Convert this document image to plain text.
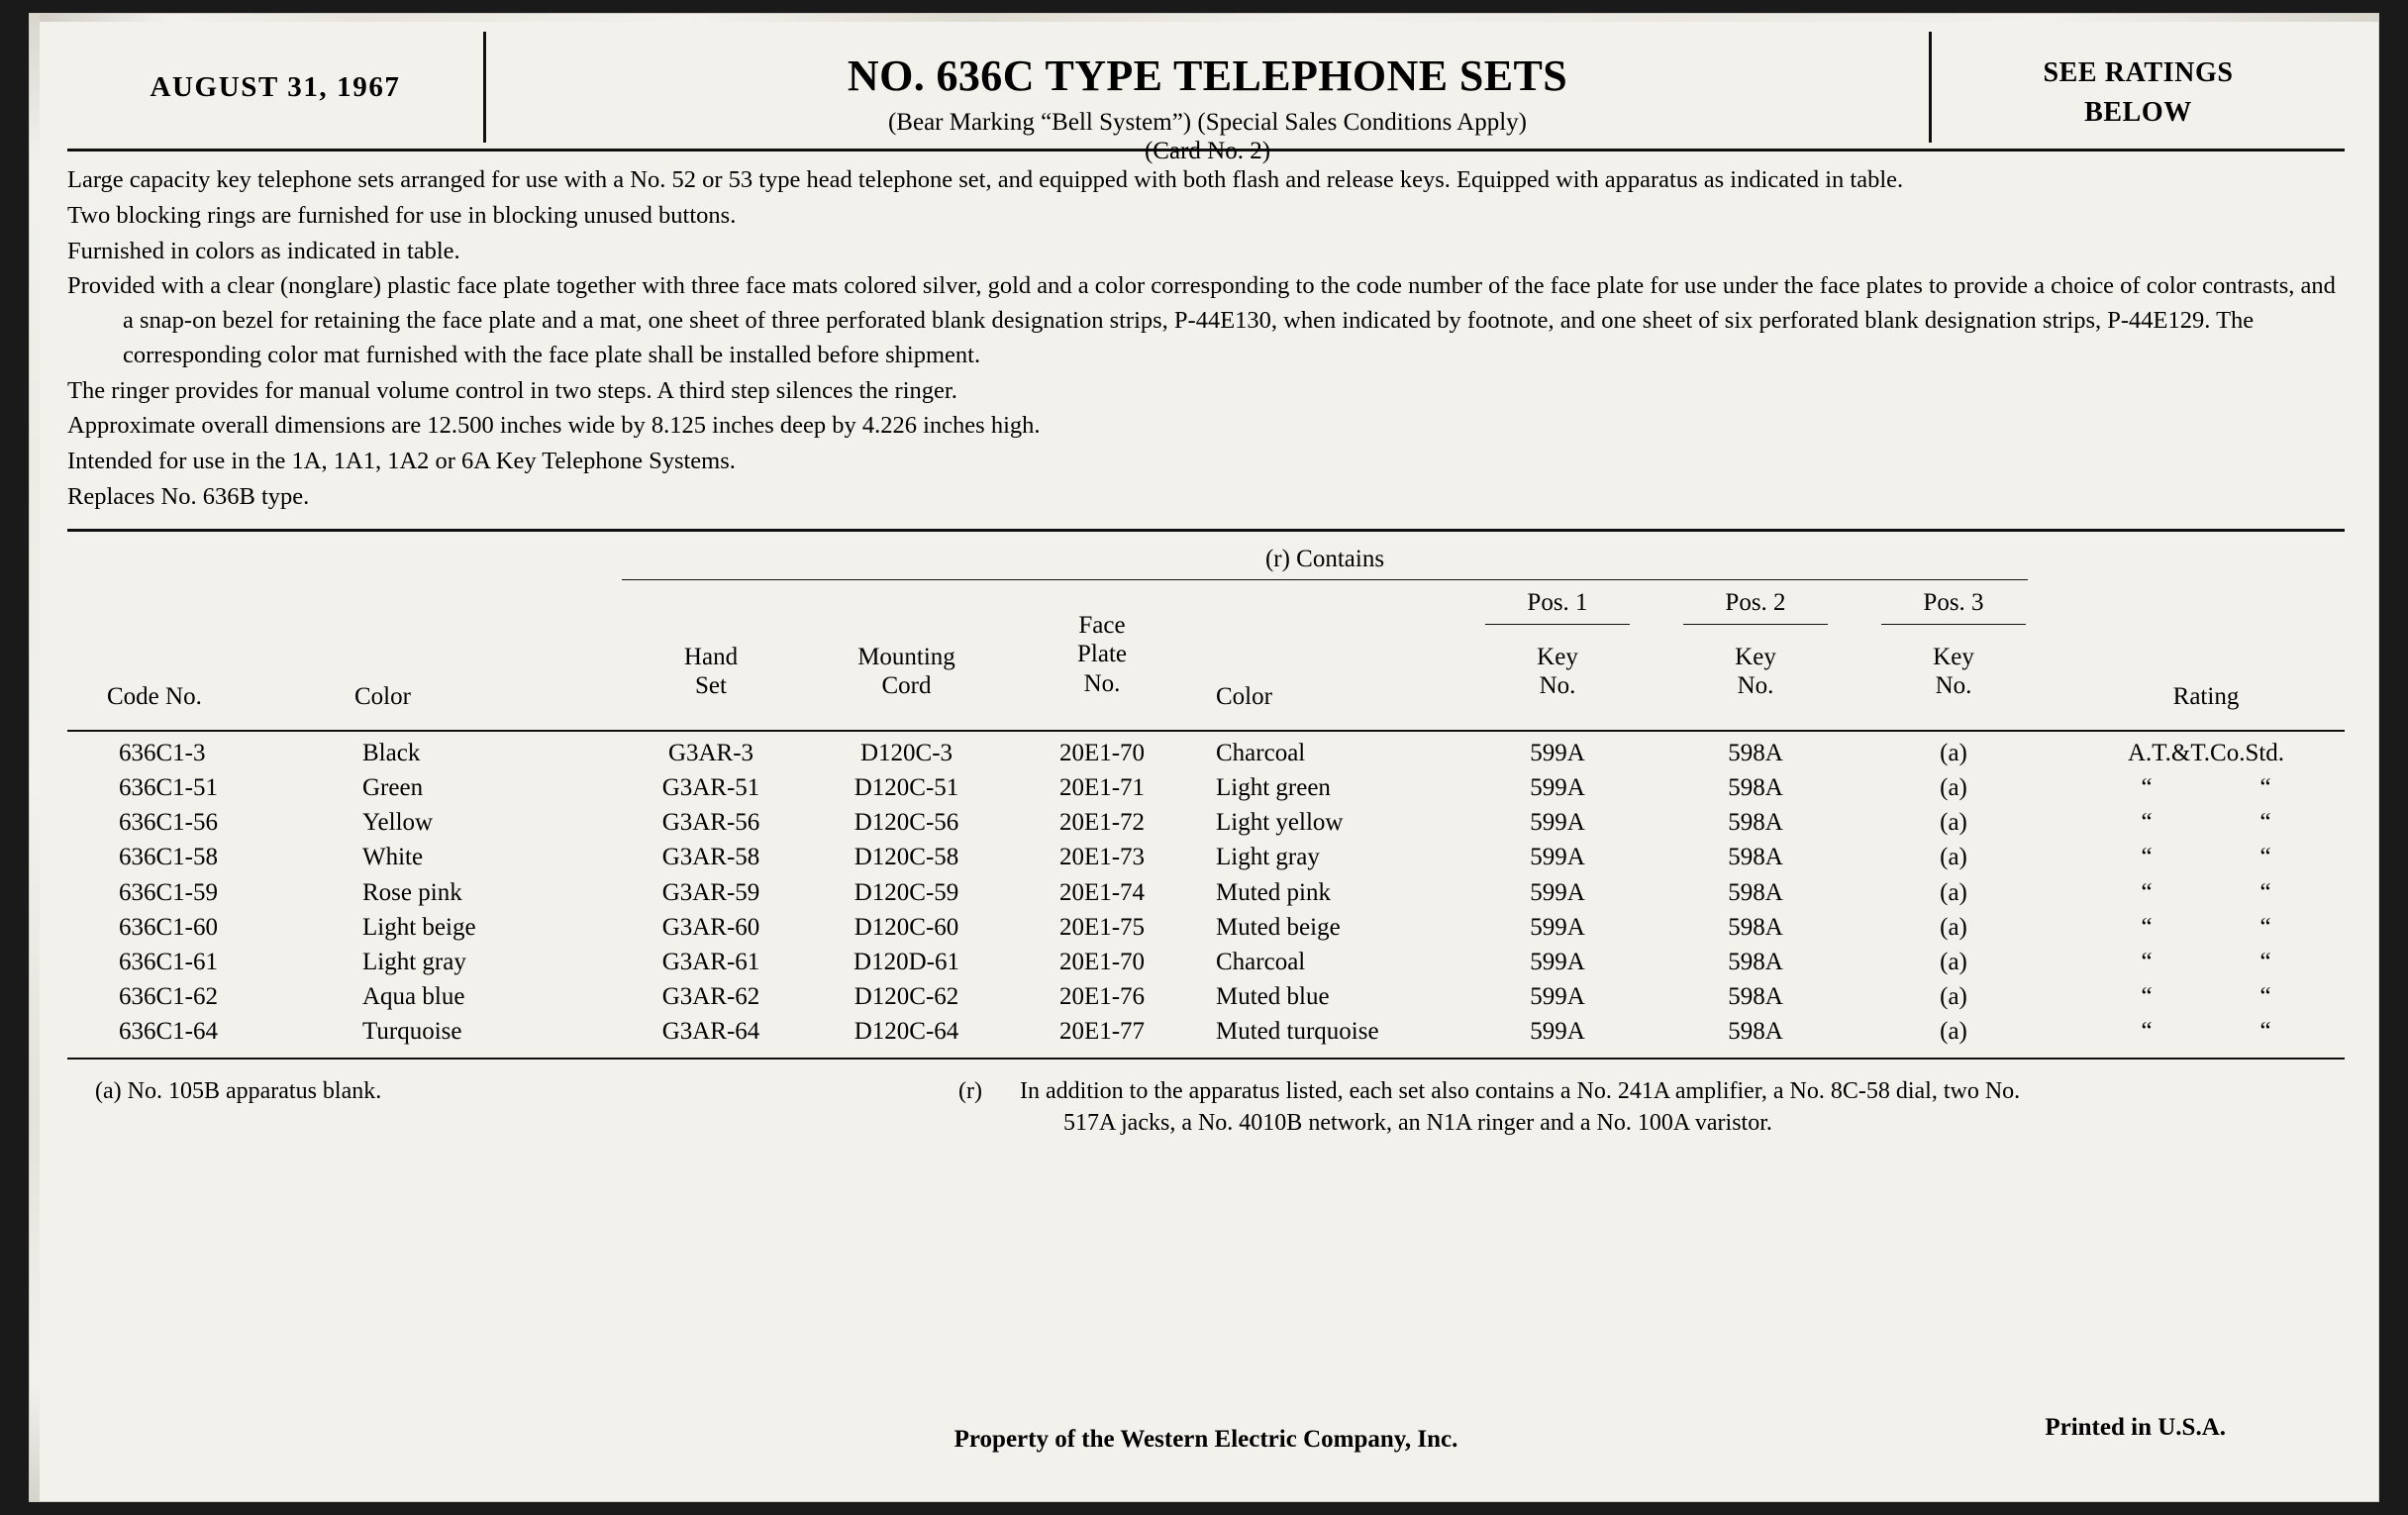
AUGUST 31, 1967	NO. 636C TYPE TELEPHONE SETS
(Bear Marking “Bell System”) (Special Sales Conditions Apply)
(Card No. 2)
SEE RATINGS
BELOW

Large capacity key telephone sets arranged for use with a No. 52 or 53 type head telephone set, and equipped with both flash and release keys. Equipped with apparatus as indicated in table.

Two blocking rings are furnished for use in blocking unused buttons.

Furnished in colors as indicated in table.

Provided with a clear (nonglare) plastic face plate together with three face mats colored silver, gold and a color corresponding to the code number of the face plate for use under the face plates to provide a choice of color contrasts, and a snap-on bezel for retaining the face plate and a mat, one sheet of three perforated blank designation strips, P-44E130, when indicated by footnote, and one sheet of six perforated blank designation strips, P-44E129. The corresponding color mat furnished with the face plate shall be installed before shipment.

The ringer provides for manual volume control in two steps. A third step silences the ringer.

Approximate overall dimensions are 12.500 inches wide by 8.125 inches deep by 4.226 inches high.

Intended for use in the 1A, 1A1, 1A2 or 6A Key Telephone Systems.

Replaces No. 636B type.

(r) Contains
Pos. 1	Pos. 2	Pos. 3
Code No.	Color
Hand
Set
Mounting
Cord
Face
Plate
No.	Color
Key
No.
Key
No.
Key
No.	Rating
636C1-3	Black	G3AR-3	D120C-3	20E1-70	Charcoal	599A	598A	(a)	A.T.&T.Co.Std.
636C1-51	Green	G3AR-51	D120C-51	20E1-71	Light green	599A	598A	(a)	“	“
636C1-56	Yellow	G3AR-56	D120C-56	20E1-72	Light yellow	599A	598A	(a)	“	“
636C1-58	White	G3AR-58	D120C-58	20E1-73	Light gray	599A	598A	(a)	“	“
636C1-59	Rose pink	G3AR-59	D120C-59	20E1-74	Muted pink	599A	598A	(a)	“	“
636C1-60	Light beige	G3AR-60	D120C-60	20E1-75	Muted beige	599A	598A	(a)	“	“
636C1-61	Light gray	G3AR-61	D120D-61	20E1-70	Charcoal	599A	598A	(a)	“	“
636C1-62	Aqua blue	G3AR-62	D120C-62	20E1-76	Muted blue	599A	598A	(a)	“	“
636C1-64	Turquoise	G3AR-64	D120C-64	20E1-77	Muted turquoise	599A	598A	(a)	“	“
(a) No. 105B apparatus blank.	(r) In addition to the apparatus listed, each set also contains a No. 241A amplifier, a No. 8C-58 dial, two No.
517A jacks, a No. 4010B network, an N1A ringer and a No. 100A varistor.
Property of the Western Electric Company, Inc.	Printed in U.S.A.
